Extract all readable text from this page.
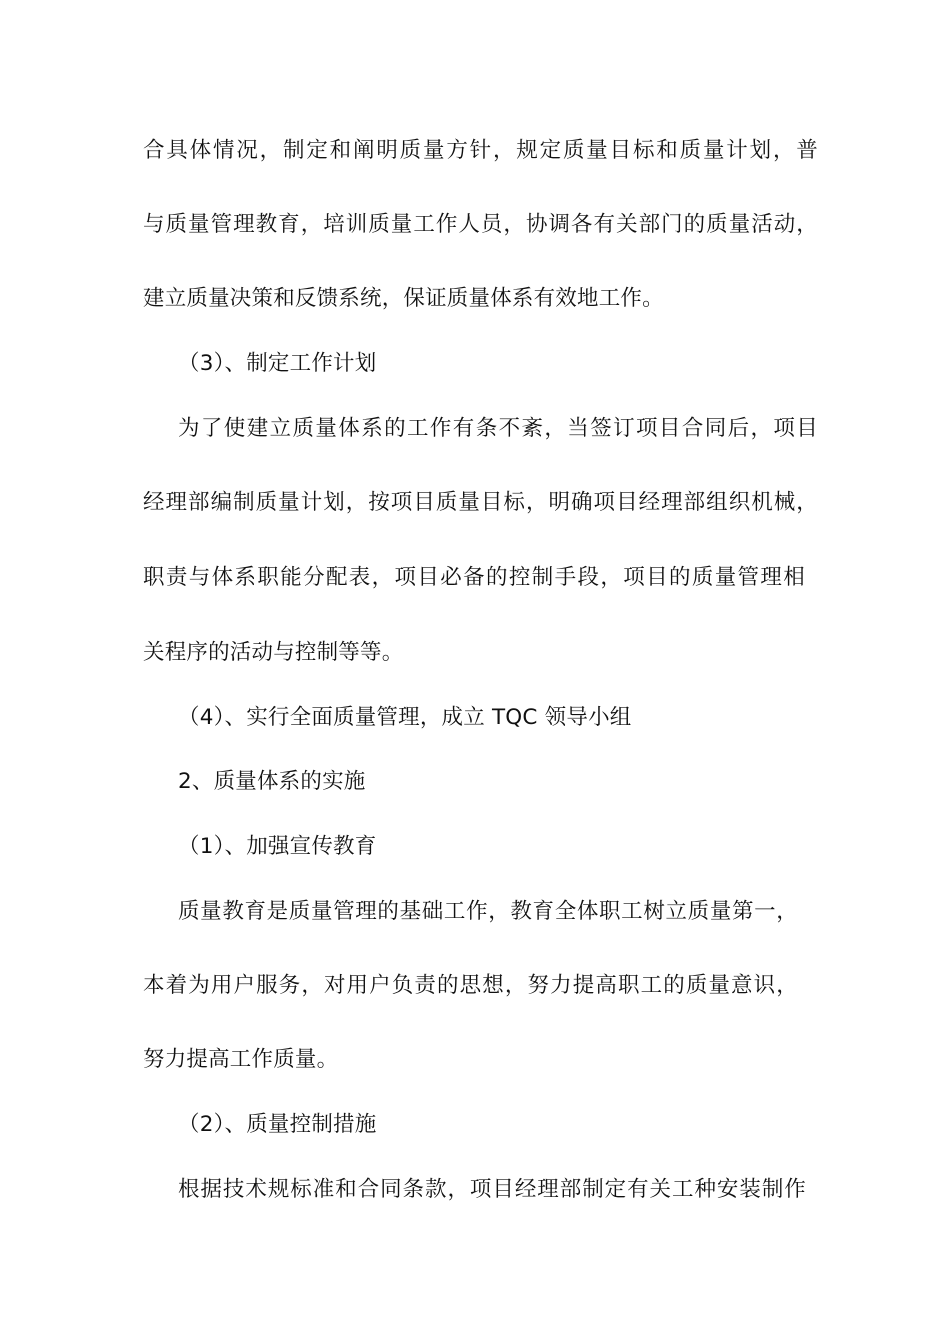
合具体情况，制定和阐明质量方针，规定质量目标和质量计划，普
与质量管理教育，培训质量工作人员，协调各有关部门的质量活动，
建立质量决策和反馈系统，保证质量体系有效地工作。
（3）、制定工作计划
为了使建立质量体系的工作有条不紊，当签订项目合同后，项目
经理部编制质量计划，按项目质量目标，明确项目经理部组织机械，
职责与体系职能分配表，项目必备的控制手段，项目的质量管理相
关程序的活动与控制等等。
（4）、实行全面质量管理，成立 TQC 领导小组
2、质量体系的实施
（1）、加强宣传教育
质量教育是质量管理的基础工作，教育全体职工树立质量第一，
本着为用户服务，对用户负责的思想，努力提高职工的质量意识，
努力提高工作质量。
（2）、质量控制措施
根据技术规标准和合同条款，项目经理部制定有关工种安装制作
